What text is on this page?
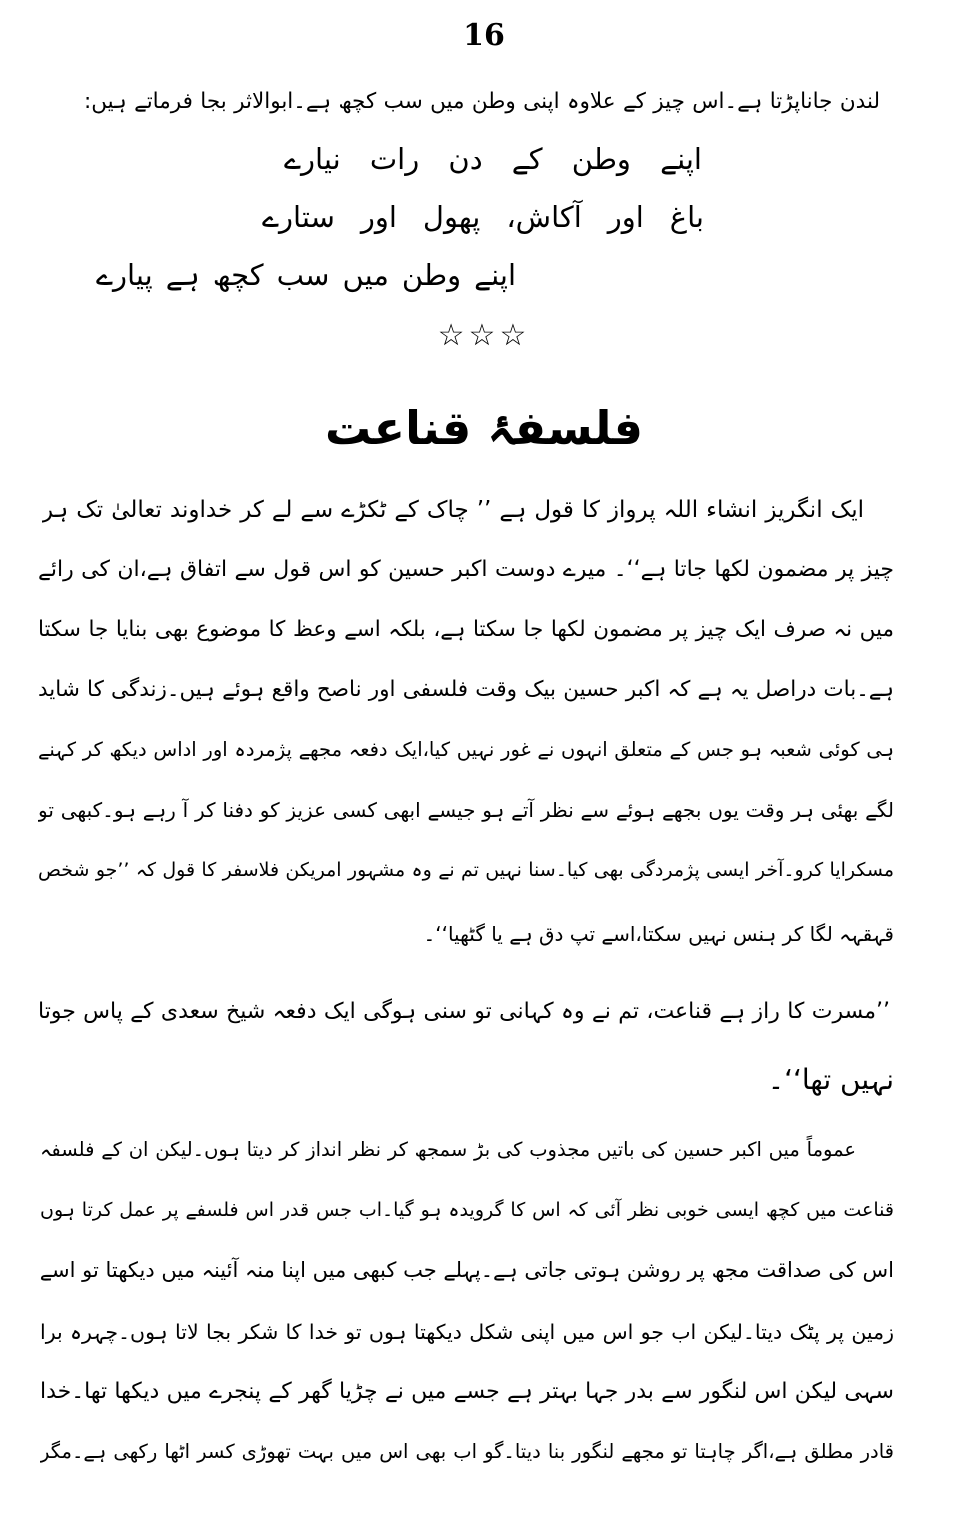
16
لندن جاناپڑتا ہے۔اس چیز کے علاوہ اپنی وطن میں سب کچھ ہے۔ابوالاثر بجا فرماتے ہیں:
اپنے وطن کے دن رات نیارے
باغ اور آکاش، پھول اور ستارے
اپنے وطن میں سب کچھ ہے پیارے
☆☆☆
فلسفۂ قناعت
ایک انگریز انشاء اللہ پرواز کا قول ہے ’’ چاک کے ٹکڑے سے لے کر خداوند تعالیٰ تک ہر
چیز پر مضمون لکھا جاتا ہے‘‘۔ میرے دوست اکبر حسین کو اس قول سے اتفاق ہے،ان کی رائے
میں نہ صرف ایک چیز پر مضمون لکھا جا سکتا ہے، بلکہ اسے وعظ کا موضوع بھی بنایا جا سکتا
ہے۔بات دراصل یہ ہے کہ اکبر حسین بیک وقت فلسفی اور ناصح واقع ہوئے ہیں۔زندگی کا شاید
ہی کوئی شعبہ ہو جس کے متعلق انہوں نے غور نہیں کیا،ایک دفعہ مجھے پژمردہ اور اداس دیکھ کر کہنے
لگے بھئی ہر وقت یوں بجھے ہوئے سے نظر آتے ہو جیسے ابھی کسی عزیز کو دفنا کر آ رہے ہو۔کبھی تو
مسکرایا کرو۔آخر ایسی پژمردگی بھی کیا۔سنا نہیں تم نے وہ مشہور امریکن فلاسفر کا قول کہ ’’جو شخص
قہقہہ لگا کر ہنس نہیں سکتا،اسے تپ دق ہے یا گٹھیا‘‘۔
’’مسرت کا راز ہے قناعت، تم نے وہ کہانی تو سنی ہوگی ایک دفعہ شیخ سعدی کے پاس جوتا
نہیں تھا‘‘۔
عموماً میں اکبر حسین کی باتیں مجذوب کی بڑ سمجھ کر نظر انداز کر دیتا ہوں۔لیکن ان کے فلسفہ
قناعت میں کچھ ایسی خوبی نظر آئی کہ اس کا گرویدہ ہو گیا۔اب جس قدر اس فلسفے پر عمل کرتا ہوں
اس کی صداقت مجھ پر روشن ہوتی جاتی ہے۔پہلے جب کبھی میں اپنا منہ آئینہ میں دیکھتا تو اسے
زمین پر پٹک دیتا۔لیکن اب جو اس میں اپنی شکل دیکھتا ہوں تو خدا کا شکر بجا لاتا ہوں۔چہرہ برا
سہی لیکن اس لنگور سے بدر جہا بہتر ہے جسے میں نے چڑیا گھر کے پنجرے میں دیکھا تھا۔خدا
قادر مطلق ہے،اگر چاہتا تو مجھے لنگور بنا دیتا۔گو اب بھی اس میں بہت تھوڑی کسر اٹھا رکھی ہے۔مگر
